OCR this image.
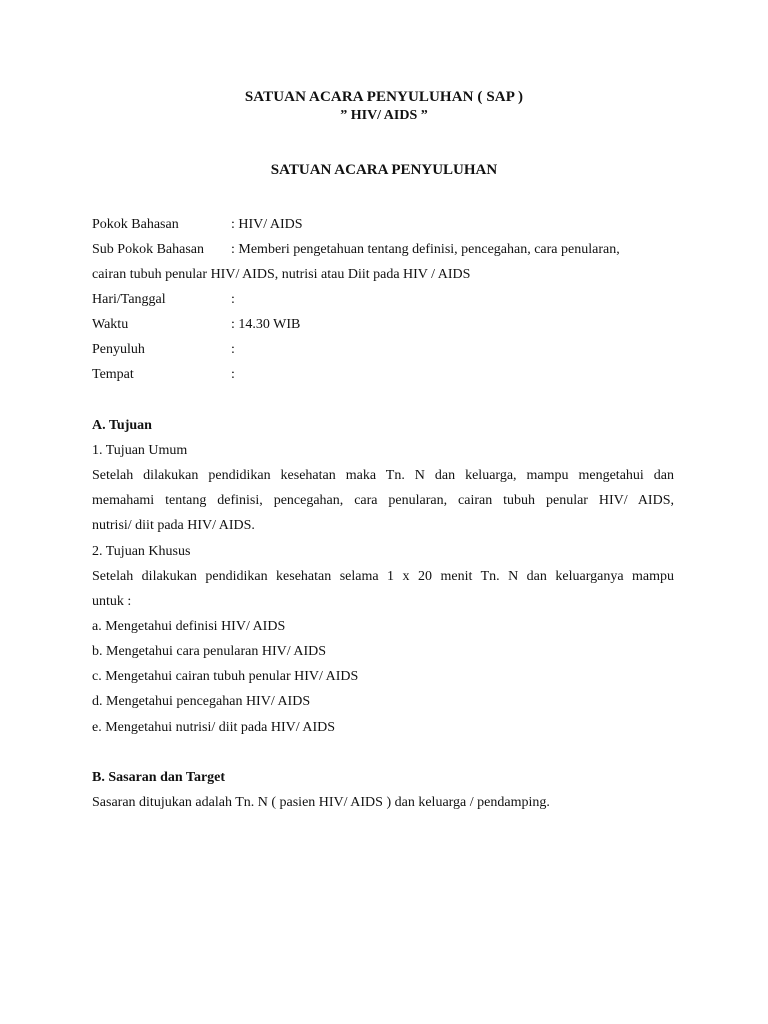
SATUAN ACARA PENYULUHAN ( SAP )
” HIV/ AIDS ”
SATUAN ACARA PENYULUHAN
Pokok Bahasan	: HIV/ AIDS
Sub Pokok Bahasan : Memberi pengetahuan tentang definisi, pencegahan, cara penularan,
cairan tubuh penular HIV/ AIDS, nutrisi atau Diit pada HIV / AIDS
Hari/Tanggal	:
Waktu	: 14.30 WIB
Penyuluh	:
Tempat	:
A. Tujuan
1. Tujuan Umum
Setelah dilakukan pendidikan kesehatan maka Tn. N dan keluarga, mampu mengetahui dan
memahami tentang definisi, pencegahan, cara penularan, cairan tubuh penular HIV/ AIDS,
nutrisi/ diit pada HIV/ AIDS.
2. Tujuan Khusus
Setelah dilakukan pendidikan kesehatan selama 1 x 20 menit Tn. N dan keluarganya mampu
untuk :
a. Mengetahui definisi HIV/ AIDS
b. Mengetahui cara penularan HIV/ AIDS
c. Mengetahui cairan tubuh penular HIV/ AIDS
d. Mengetahui pencegahan HIV/ AIDS
e. Mengetahui nutrisi/ diit pada HIV/ AIDS
B. Sasaran dan Target
Sasaran ditujukan adalah Tn. N ( pasien HIV/ AIDS ) dan keluarga / pendamping.
